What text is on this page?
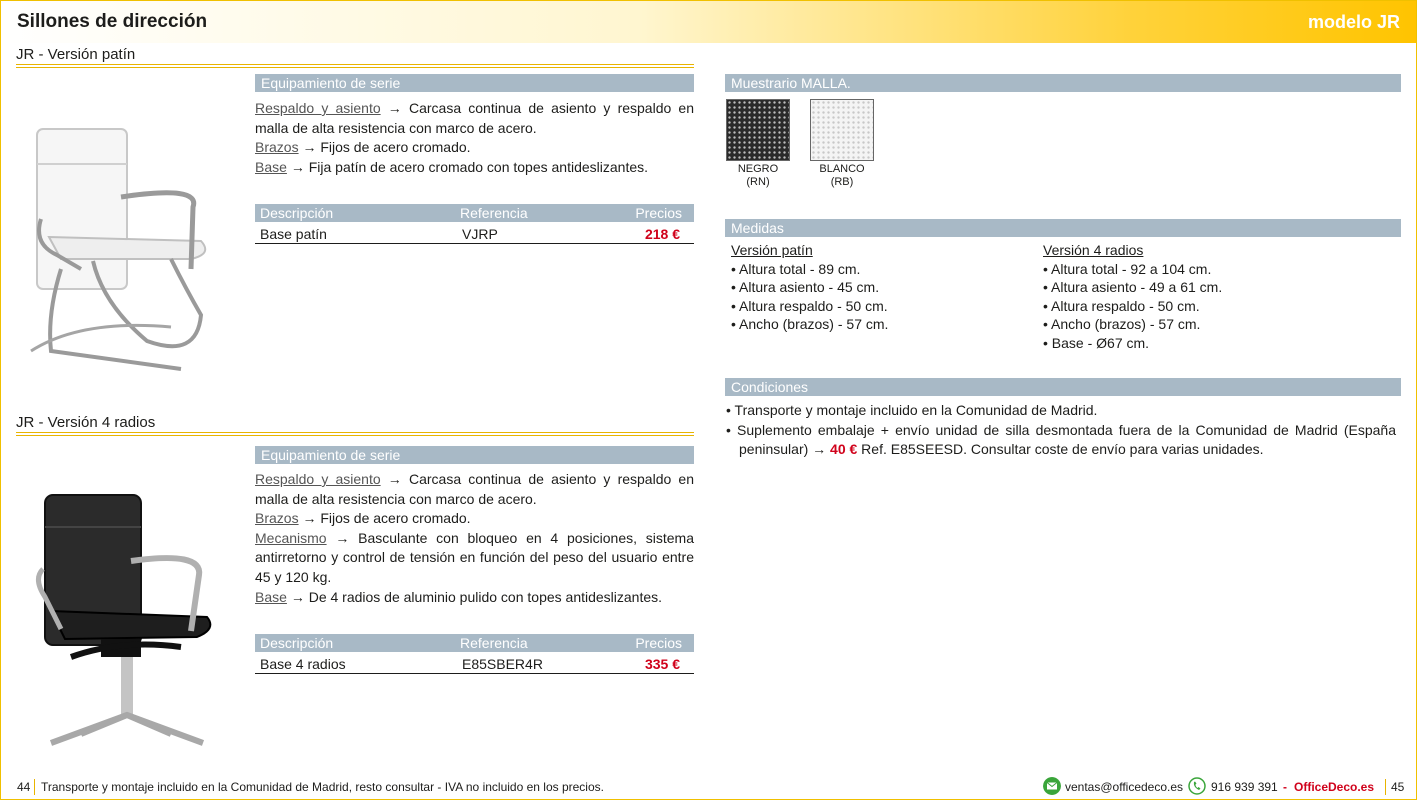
Sillones de dirección	modelo JR
JR - Versión patín
Equipamiento de serie
Respaldo y asiento → Carcasa continua de asiento y respaldo en malla de alta resistencia con marco de acero.
Brazos → Fijos de acero cromado.
Base → Fija patín de acero cromado con topes antideslizantes.
Descripción	Referencia	Precios
Base patín	VJRP	218 €
JR - Versión 4 radios
Equipamiento de serie
Respaldo y asiento → Carcasa continua de asiento y respaldo en malla de alta resistencia con marco de acero.
Brazos → Fijos de acero cromado.
Mecanismo → Basculante con bloqueo en 4 posiciones, sistema antirretorno y control de tensión en función del peso del usuario entre 45 y 120 kg.
Base → De 4 radios de aluminio pulido con topes antideslizantes.
Descripción	Referencia	Precios
Base 4 radios	E85SBER4R	335 €
Muestrario MALLA.
NEGRO
(RN)
BLANCO
(RB)
Medidas
Versión patín
• Altura total - 89 cm.
• Altura asiento - 45 cm.
• Altura respaldo - 50 cm.
• Ancho (brazos) - 57 cm.
Versión 4 radios
• Altura total - 92 a 104 cm.
• Altura asiento - 49 a 61 cm.
• Altura respaldo - 50 cm.
• Ancho (brazos) - 57 cm.
• Base - Ø67 cm.
Condiciones
• Transporte y montaje incluido en la Comunidad de Madrid.
• Suplemento embalaje + envío unidad de silla desmontada fuera de la Comunidad de Madrid (España peninsular) → 40 € Ref. E85SEESD. Consultar coste de envío para varias unidades.
44 Transporte y montaje incluido en la Comunidad de Madrid, resto consultar - IVA no incluido en los precios.	ventas@officedeco.es 916 939 391 - OfficeDeco.es 45
